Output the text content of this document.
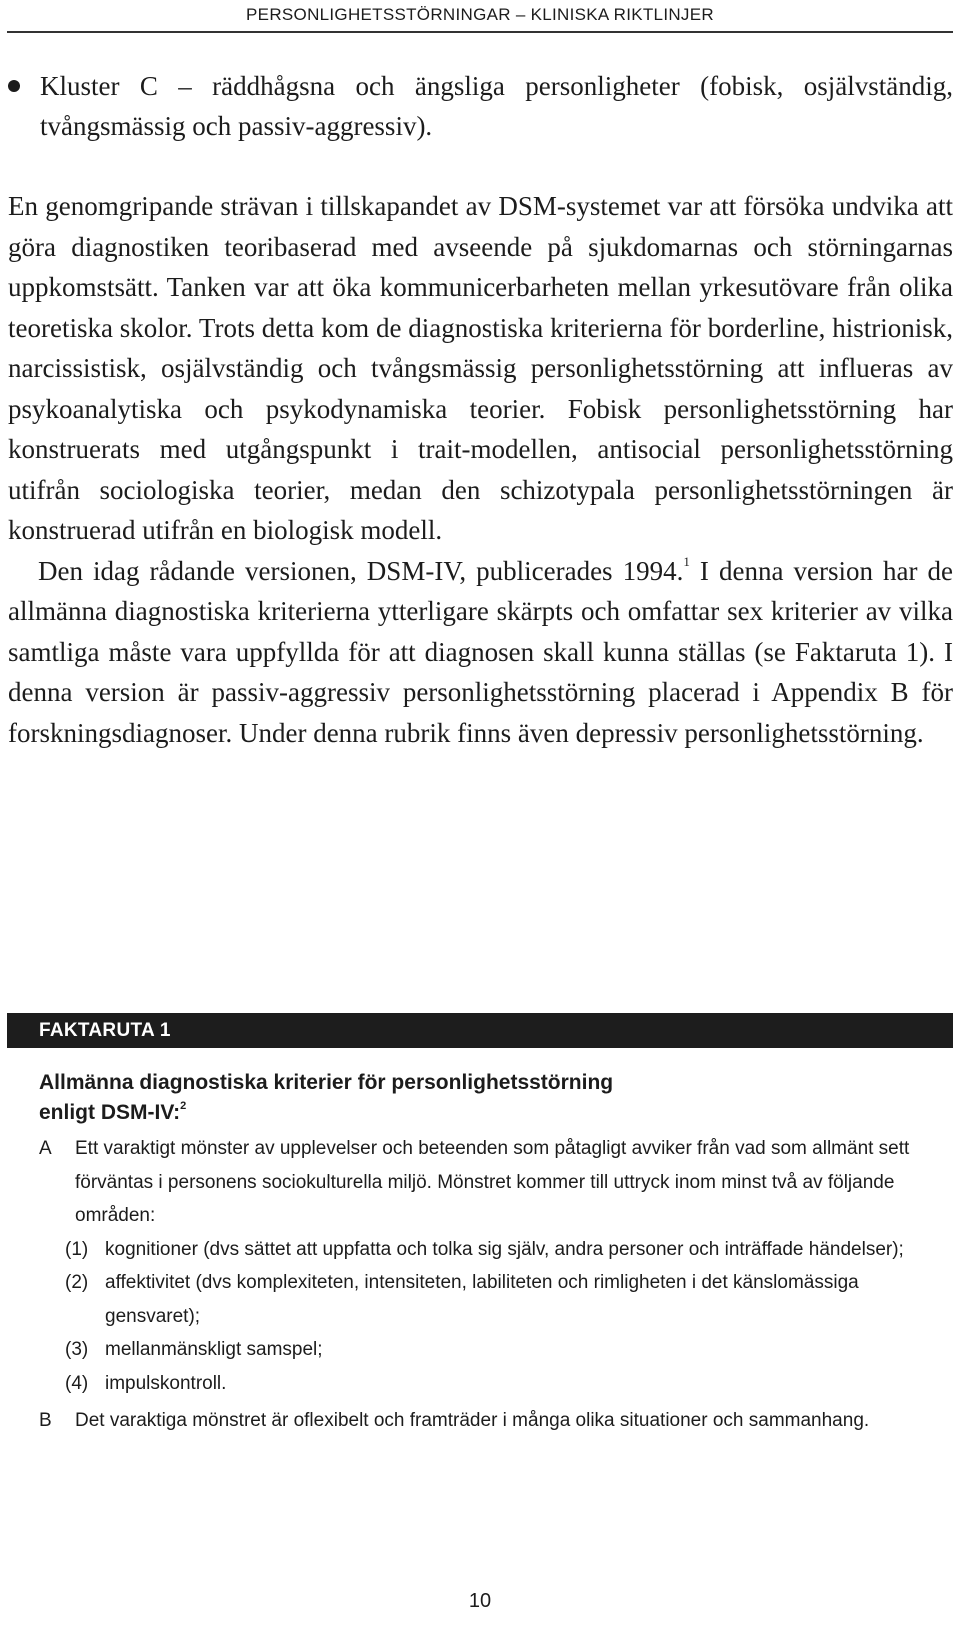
PERSONLIGHETSSTÖRNINGAR – KLINISKA RIKTLINJER
Kluster C – räddhågsna och ängsliga personligheter (fobisk, osjälvständig, tvångsmässig och passiv-aggressiv).

En genomgripande strävan i tillskapandet av DSM-systemet var att försöka undvika att göra diagnostiken teoribaserad med avseende på sjukdomarnas och störningarnas uppkomstsätt. Tanken var att öka kommunicerbarheten mellan yrkesutövare från olika teoretiska skolor. Trots detta kom de diagnostiska kriterierna för borderline, histrionisk, narcissistisk, osjälvständig och tvångsmässig personlighetsstörning att influeras av psykoanalytiska och psykodynamiska teorier. Fobisk personlighetsstörning har konstruerats med utgångspunkt i trait-modellen, antisocial personlighetsstörning utifrån sociologiska teorier, medan den schizotypala personlighetsstörningen är konstruerad utifrån en biologisk modell.

Den idag rådande versionen, DSM-IV, publicerades 1994.$^1$ I denna version har de allmänna diagnostiska kriterierna ytterligare skärpts och omfattar sex kriterier av vilka samtliga måste vara uppfyllda för att diagnosen skall kunna ställas (se Faktaruta 1). I denna version är passiv-aggressiv personlighetsstörning placerad i Appendix B för forskningsdiagnoser. Under denna rubrik finns även depressiv personlighetsstörning.

FAKTARUTA 1
Allmänna diagnostiska kriterier för personlighetsstörning
enligt DSM-IV:$^2$
A Ett varaktigt mönster av upplevelser och beteenden som påtagligt avviker från vad som allmänt sett förväntas i personens sociokulturella miljö. Mönstret kommer till uttryck inom minst två av följande områden:
(1) kognitioner (dvs sättet att uppfatta och tolka sig själv, andra personer och inträffade händelser);
(2) affektivitet (dvs komplexiteten, intensiteten, labiliteten och rimligheten i det känslomässiga gensvaret);
(3) mellanmänskligt samspel;
(4) impulskontroll.
B Det varaktiga mönstret är oflexibelt och framträder i många olika situationer och sammanhang.
10
